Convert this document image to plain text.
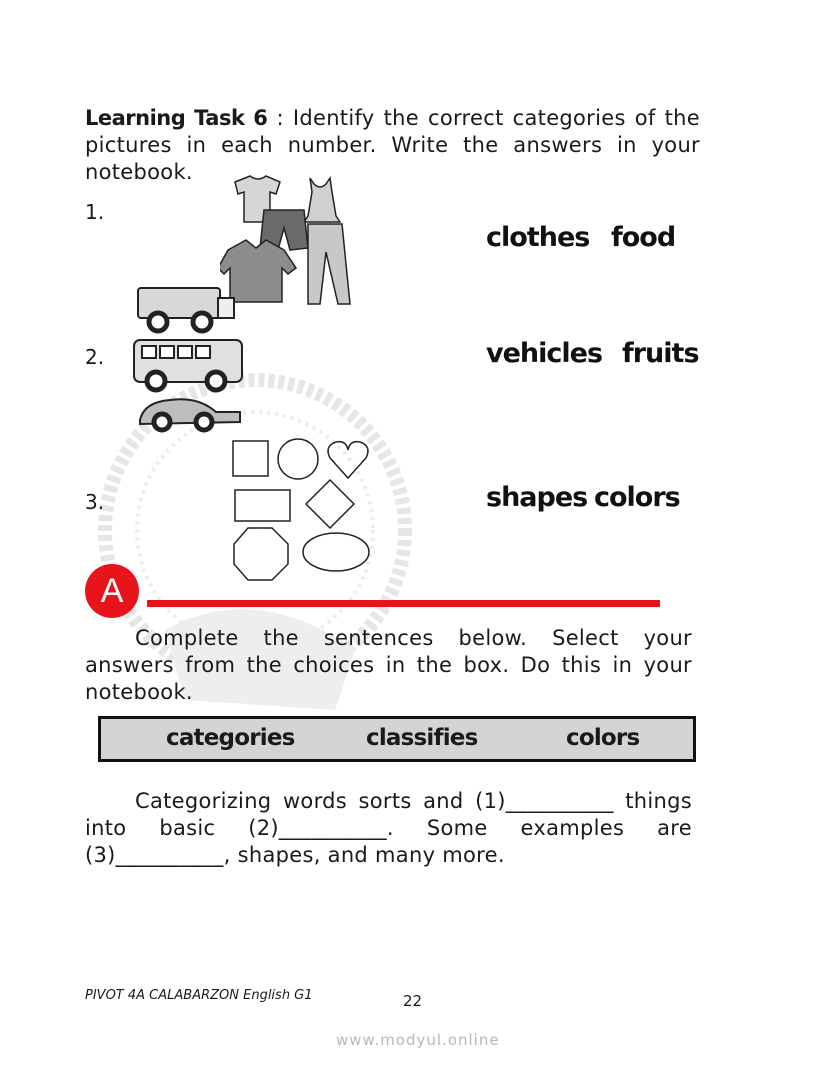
Learning Task 6 : Identify the correct categories of the pictures in each number. Write the answers in your notebook.

1.
clothes food
2.	vehicles fruits
3.	shapes colors
A

Complete the sentences below. Select your answers from the choices in the box. Do this in your notebook.

categories	classifies	colors
Categorizing words sorts and (1)__________ things
into basic (2)__________. Some examples are
(3)__________, shapes, and many more.
PIVOT 4A CALABARZON English G1	22
www.modyul.online
